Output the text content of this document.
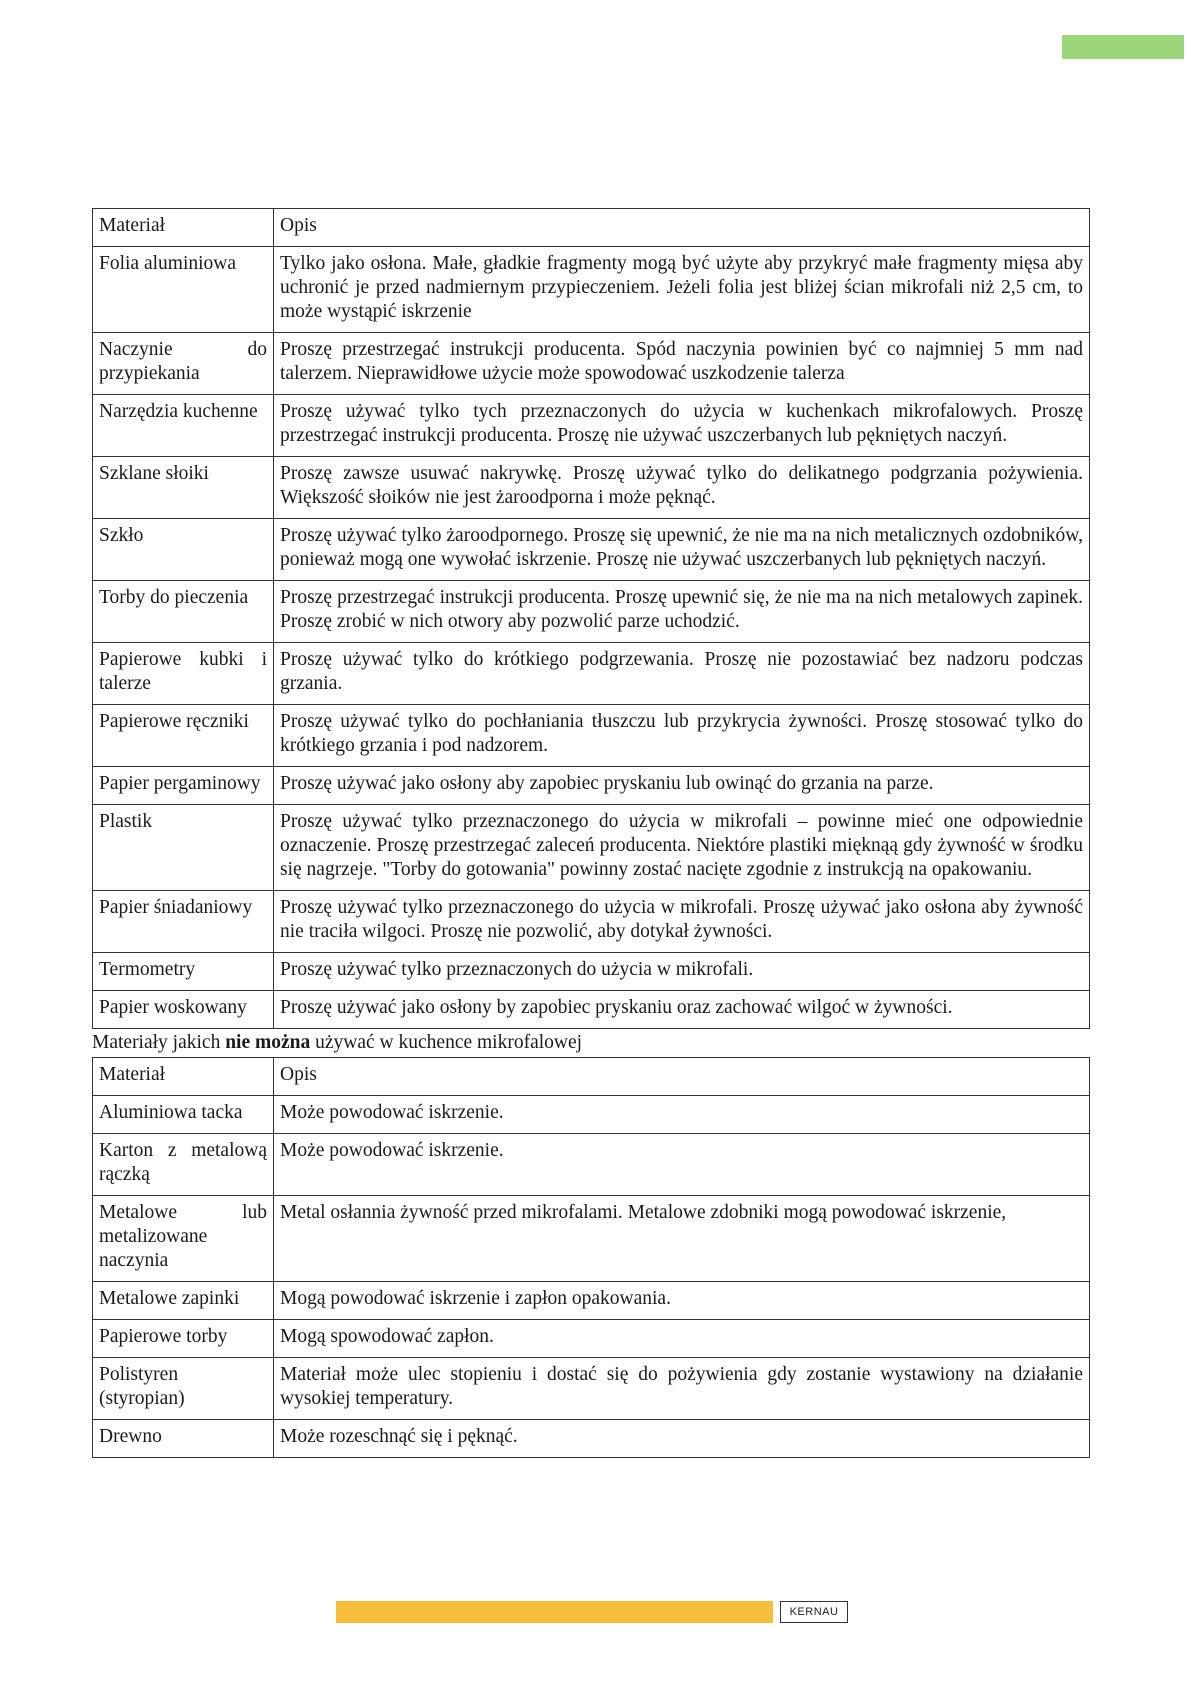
Materiał	Opis
Folia aluminiowa	Tylko jako osłona. Małe, gładkie fragmenty mogą być użyte aby przykryć małe fragmenty mięsa aby uchronić je przed nadmiernym przypieczeniem. Jeżeli folia jest bliżej ścian mikrofali niż 2,5 cm, to może wystąpić iskrzenie
Naczynie do przypiekania	Proszę przestrzegać instrukcji producenta. Spód naczynia powinien być co najmniej 5 mm nad talerzem. Nieprawidłowe użycie może spowodować uszkodzenie talerza
Narzędzia kuchenne	Proszę używać tylko tych przeznaczonych do użycia w kuchenkach mikrofalowych. Proszę przestrzegać instrukcji producenta. Proszę nie używać uszczerbanych lub pękniętych naczyń.
Szklane słoiki	Proszę zawsze usuwać nakrywkę. Proszę używać tylko do delikatnego podgrzania pożywienia. Większość słoików nie jest żaroodporna i może pęknąć.
Szkło	Proszę używać tylko żaroodpornego. Proszę się upewnić, że nie ma na nich metalicznych ozdobników, ponieważ mogą one wywołać iskrzenie. Proszę nie używać uszczerbanych lub pękniętych naczyń.
Torby do pieczenia	Proszę przestrzegać instrukcji producenta. Proszę upewnić się, że nie ma na nich metalowych zapinek. Proszę zrobić w nich otwory aby pozwolić parze uchodzić.
Papierowe kubki i talerze	Proszę używać tylko do krótkiego podgrzewania. Proszę nie pozostawiać bez nadzoru podczas grzania.
Papierowe ręczniki	Proszę używać tylko do pochłaniania tłuszczu lub przykrycia żywności. Proszę stosować tylko do krótkiego grzania i pod nadzorem.
Papier pergaminowy	Proszę używać jako osłony aby zapobiec pryskaniu lub owinąć do grzania na parze.
Plastik	Proszę używać tylko przeznaczonego do użycia w mikrofali – powinne mieć one odpowiednie oznaczenie. Proszę przestrzegać zaleceń producenta. Niektóre plastiki mięknąą gdy żywność w środku się nagrzeje. "Torby do gotowania" powinny zostać nacięte zgodnie z instrukcją na opakowaniu.
Papier śniadaniowy	Proszę używać tylko przeznaczonego do użycia w mikrofali. Proszę używać jako osłona aby żywność nie traciła wilgoci. Proszę nie pozwolić, aby dotykał żywności.
Termometry	Proszę używać tylko przeznaczonych do użycia w mikrofali.
Papier woskowany	Proszę używać jako osłony by zapobiec pryskaniu oraz zachować wilgoć w żywności.
Materiały jakich nie można używać w kuchence mikrofalowej
Materiał	Opis
Aluminiowa tacka	Może powodować iskrzenie.
Karton z metalową rączką	Może powodować iskrzenie.
Metalowe lub metalizowane naczynia	Metal osłannia żywność przed mikrofalami. Metalowe zdobniki mogą powodować iskrzenie,
Metalowe zapinki	Mogą powodować iskrzenie i zapłon opakowania.
Papierowe torby	Mogą spowodować zapłon.
Polistyren (styropian)	Materiał może ulec stopieniu i dostać się do pożywienia gdy zostanie wystawiony na działanie wysokiej temperatury.
Drewno	Może rozeschnąć się i pęknąć.
KERNAU
